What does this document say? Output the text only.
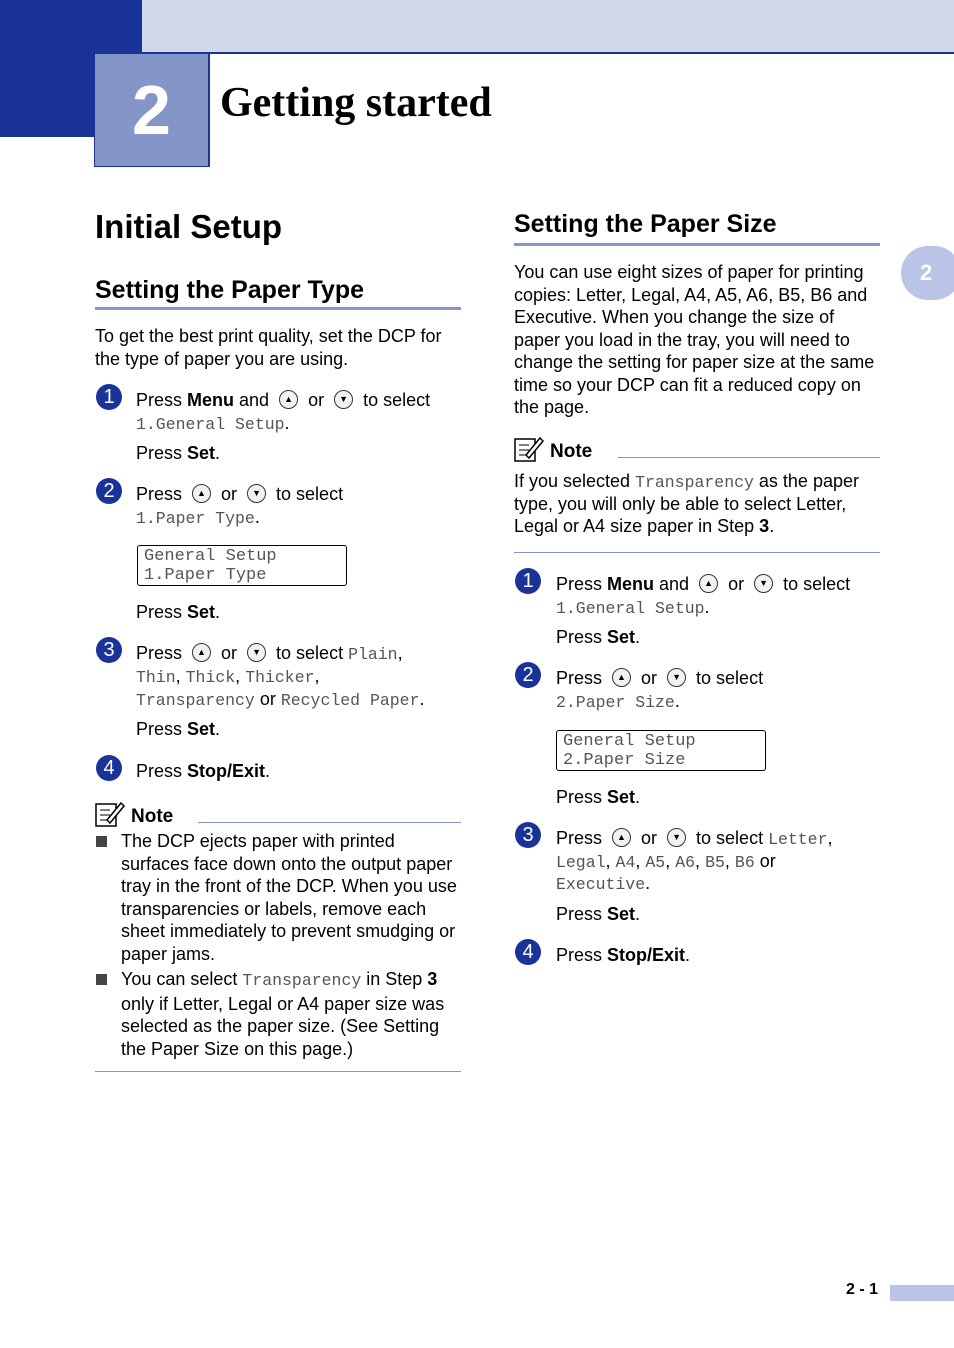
2 Getting started
2
Initial Setup
Setting the Paper Type
To get the best print quality, set the DCP for the type of paper you are using.
1	Press Menu and ▲ or ▼ to select
1.General Setup.
Press Set.
2	Press ▲ or ▼ to select
1.Paper Type.
General Setup
1.Paper Type
Press Set.
3	Press ▲ or ▼ to select Plain,
Thin, Thick, Thicker,
Transparency or Recycled Paper.
Press Set.
4	Press Stop/Exit.
Note
The DCP ejects paper with printed surfaces face down onto the output paper tray in the front of the DCP. When you use transparencies or labels, remove each sheet immediately to prevent smudging or paper jams.
You can select Transparency in Step 3 only if Letter, Legal or A4 paper size was selected as the paper size. (See Setting the Paper Size on this page.)
Setting the Paper Size
You can use eight sizes of paper for printing copies: Letter, Legal, A4, A5, A6, B5, B6 and Executive. When you change the size of paper you load in the tray, you will need to change the setting for paper size at the same time so your DCP can fit a reduced copy on the page.
Note
If you selected Transparency as the paper
type, you will only be able to select Letter,
Legal or A4 size paper in Step 3.
1	Press Menu and ▲ or ▼ to select
1.General Setup.
Press Set.
2	Press ▲ or ▼ to select
2.Paper Size.
General Setup
2.Paper Size
Press Set.
3	Press ▲ or ▼ to select Letter,
Legal, A4, A5, A6, B5, B6 or
Executive.
Press Set.
4	Press Stop/Exit.
2 - 1
